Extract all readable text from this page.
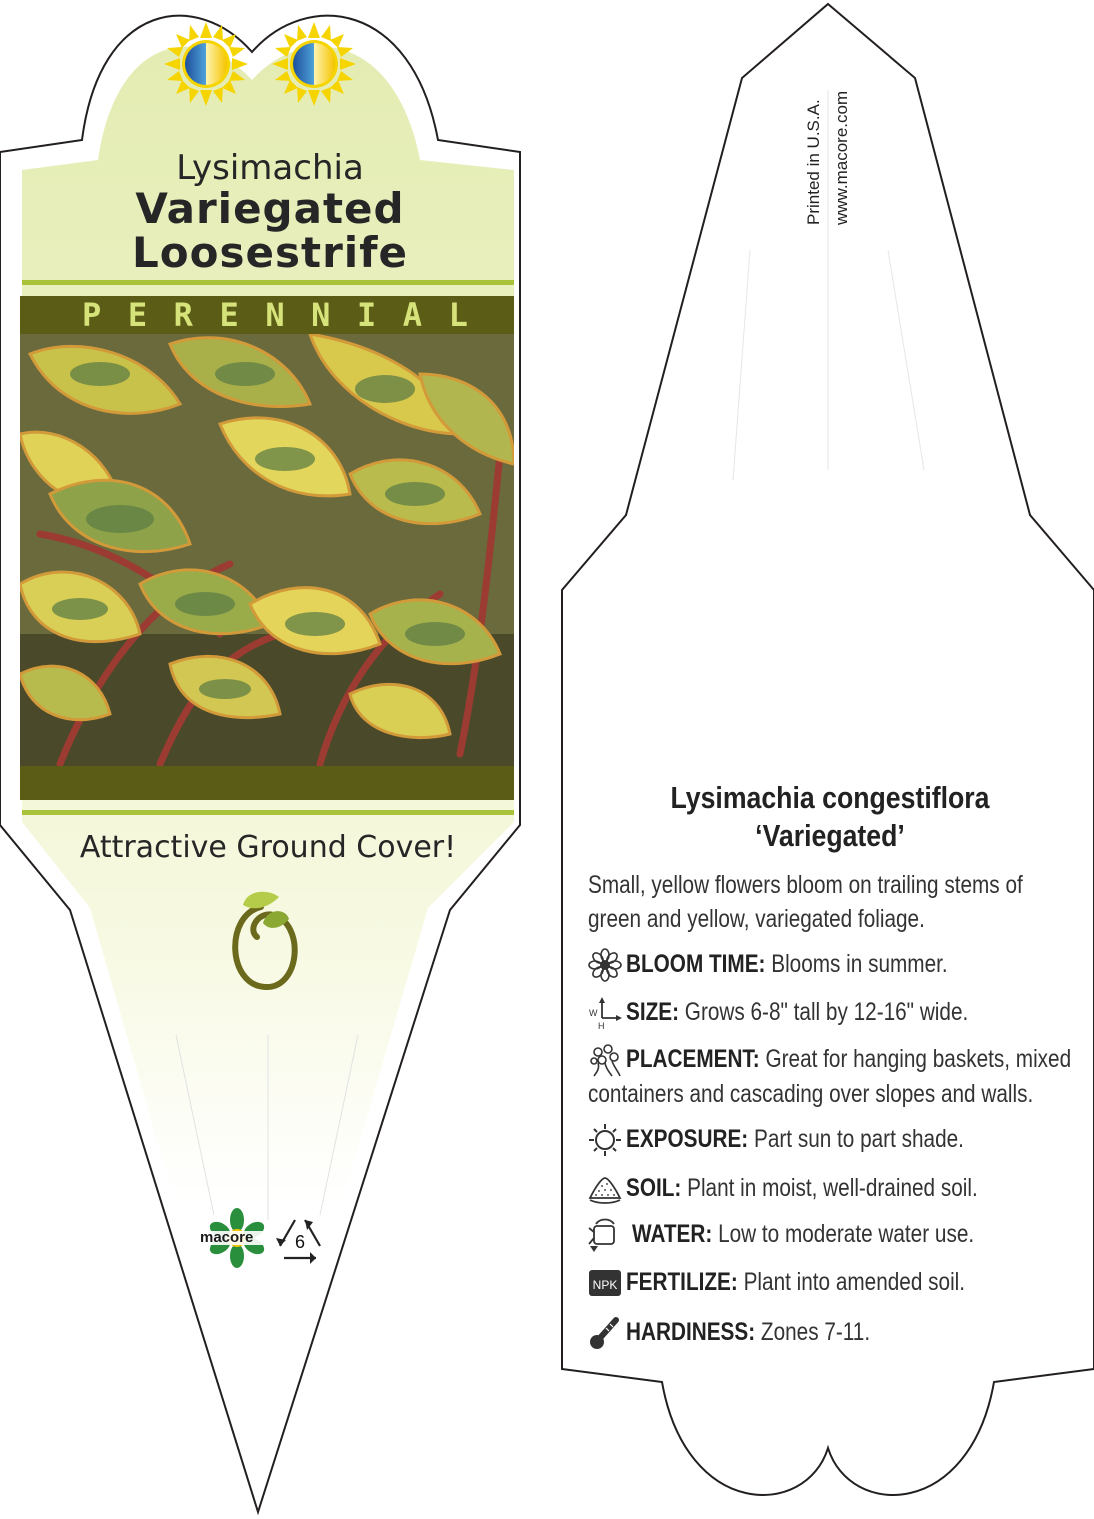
Lysimachia
Variegated
Loosestrife
P E R E N N I A L
Attractive Ground Cover!
macore 6
Printed in U.S.A. www.macore.com
Lysimachia congestiflora
‘Variegated’
Small, yellow flowers bloom on trailing stems of
green and yellow, variegated foliage.
BLOOM TIME: Blooms in summer.
W
H SIZE: Grows 6-8" tall by 12-16" wide.
PLACEMENT: Great for hanging baskets, mixed
containers and cascading over slopes and walls.
EXPOSURE: Part sun to part shade.
SOIL: Plant in moist, well-drained soil.
WATER: Low to moderate water use.
NPK FERTILIZE: Plant into amended soil.
HARDINESS: Zones 7-11.
